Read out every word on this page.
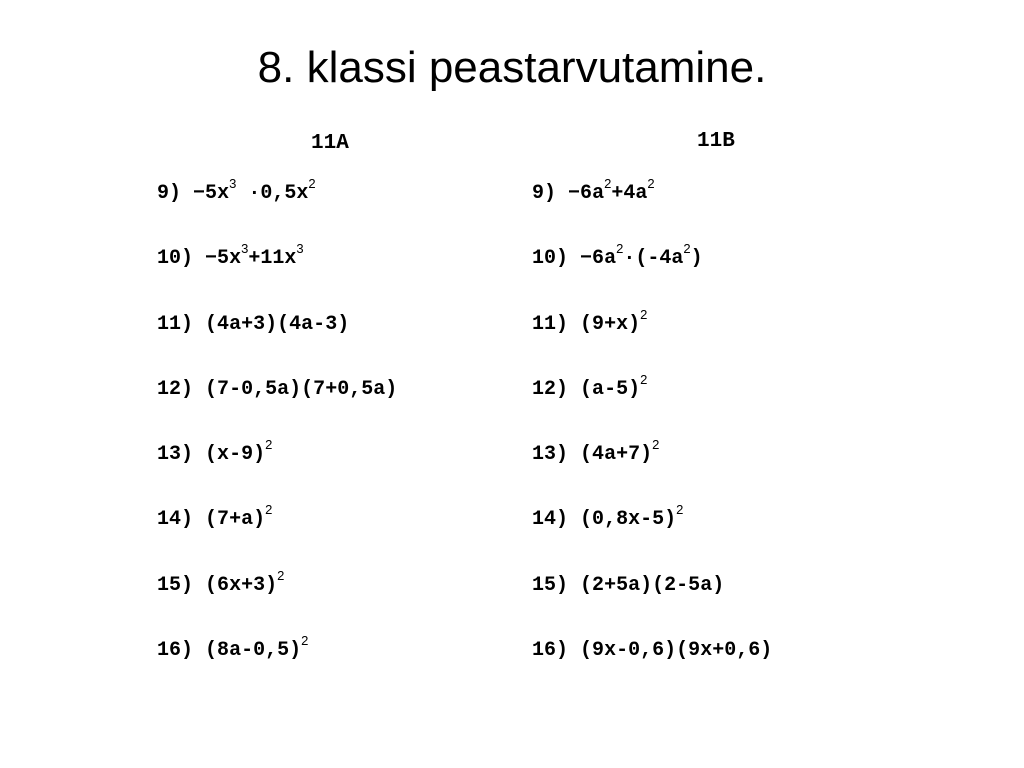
8. klassi peastarvutamine.
11A	11B
$9) -5x^3 \cdot 0,5x^2$
$10) -5x^3+11x^3$
11) (4a+3)(4a-3)
12) (7-0,5a)(7+0,5a)
13) $(x-9)^2$
14) $(7+a)^2$
15) $(6x+3)^2$
16) $(8a-0,5)^2$
$9) -6a^2+4a^2$
$10) -6a^2\cdot(-4a^2)$
11) $(9+x)^2$
12) $(a-5)^2$
13) $(4a+7)^2$
14) $(0,8x-5)^2$
15) (2+5a)(2-5a)
16) (9x-0,6)(9x+0,6)
